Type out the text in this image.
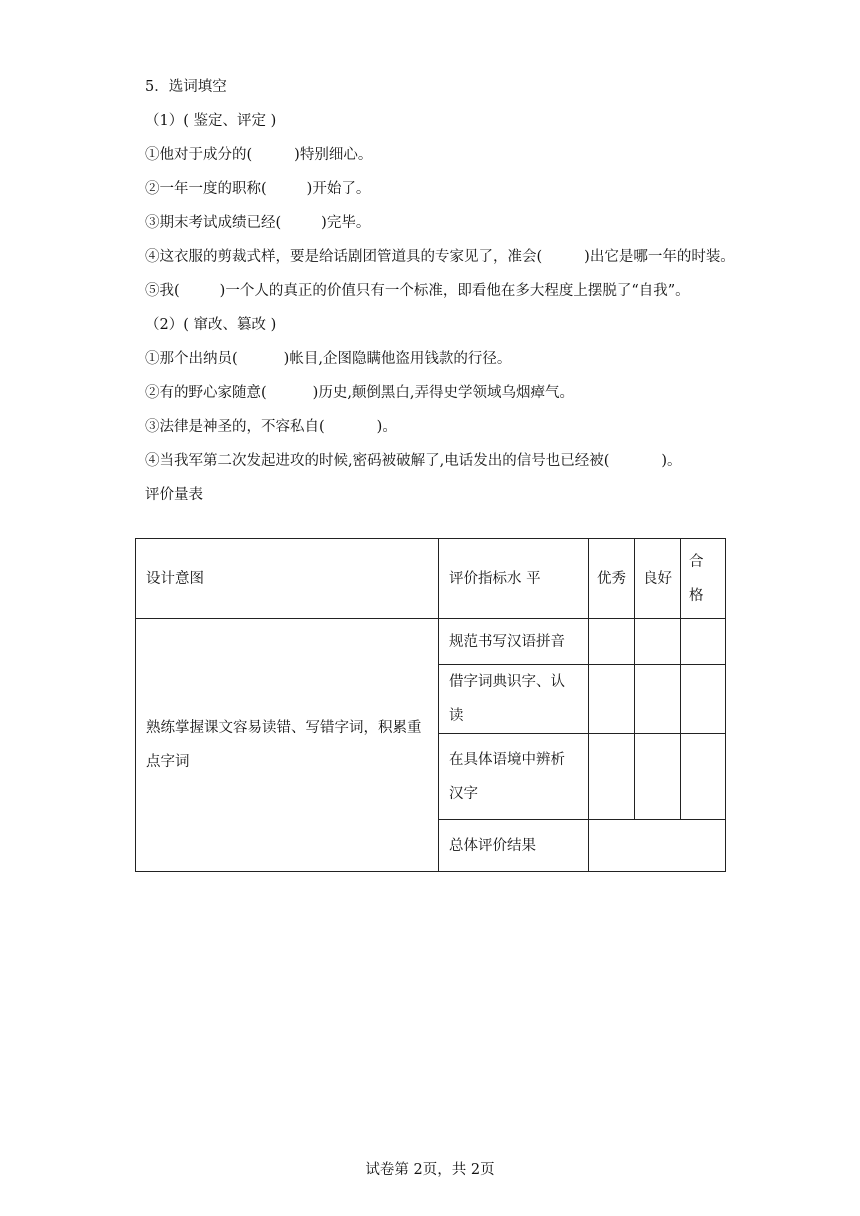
5．选词填空
（1）( 鉴定、评定 )
①他对于成分的(	)特别细心。
②一年一度的职称(	)开始了。
③期末考试成绩已经(	)完毕。
④这衣服的剪裁式样，要是给话剧团管道具的专家见了，准会(	)出它是哪一年的时装。
⑤我(	)一个人的真正的价值只有一个标准，即看他在多大程度上摆脱了“自我”。
（2）( 窜改、篡改 )
①那个出纳员(	)帐目,企图隐瞒他盗用钱款的行径。
②有的野心家随意(	)历史,颠倒黑白,弄得史学领域乌烟瘴气。
③法律是神圣的，不容私自(	)。
④当我军第二次发起进攻的时候,密码被破解了,电话发出的信号也已经被(	)。
评价量表
设计意图	评价指标水 平	优秀	良好	合格
熟练掌握课文容易读错、写错字词，积累重点字词	规范书写汉语拼音			
	借字词典识字、认读			
	在具体语境中辨析汉字			
	总体评价结果			
试卷第 2页，共 2页
